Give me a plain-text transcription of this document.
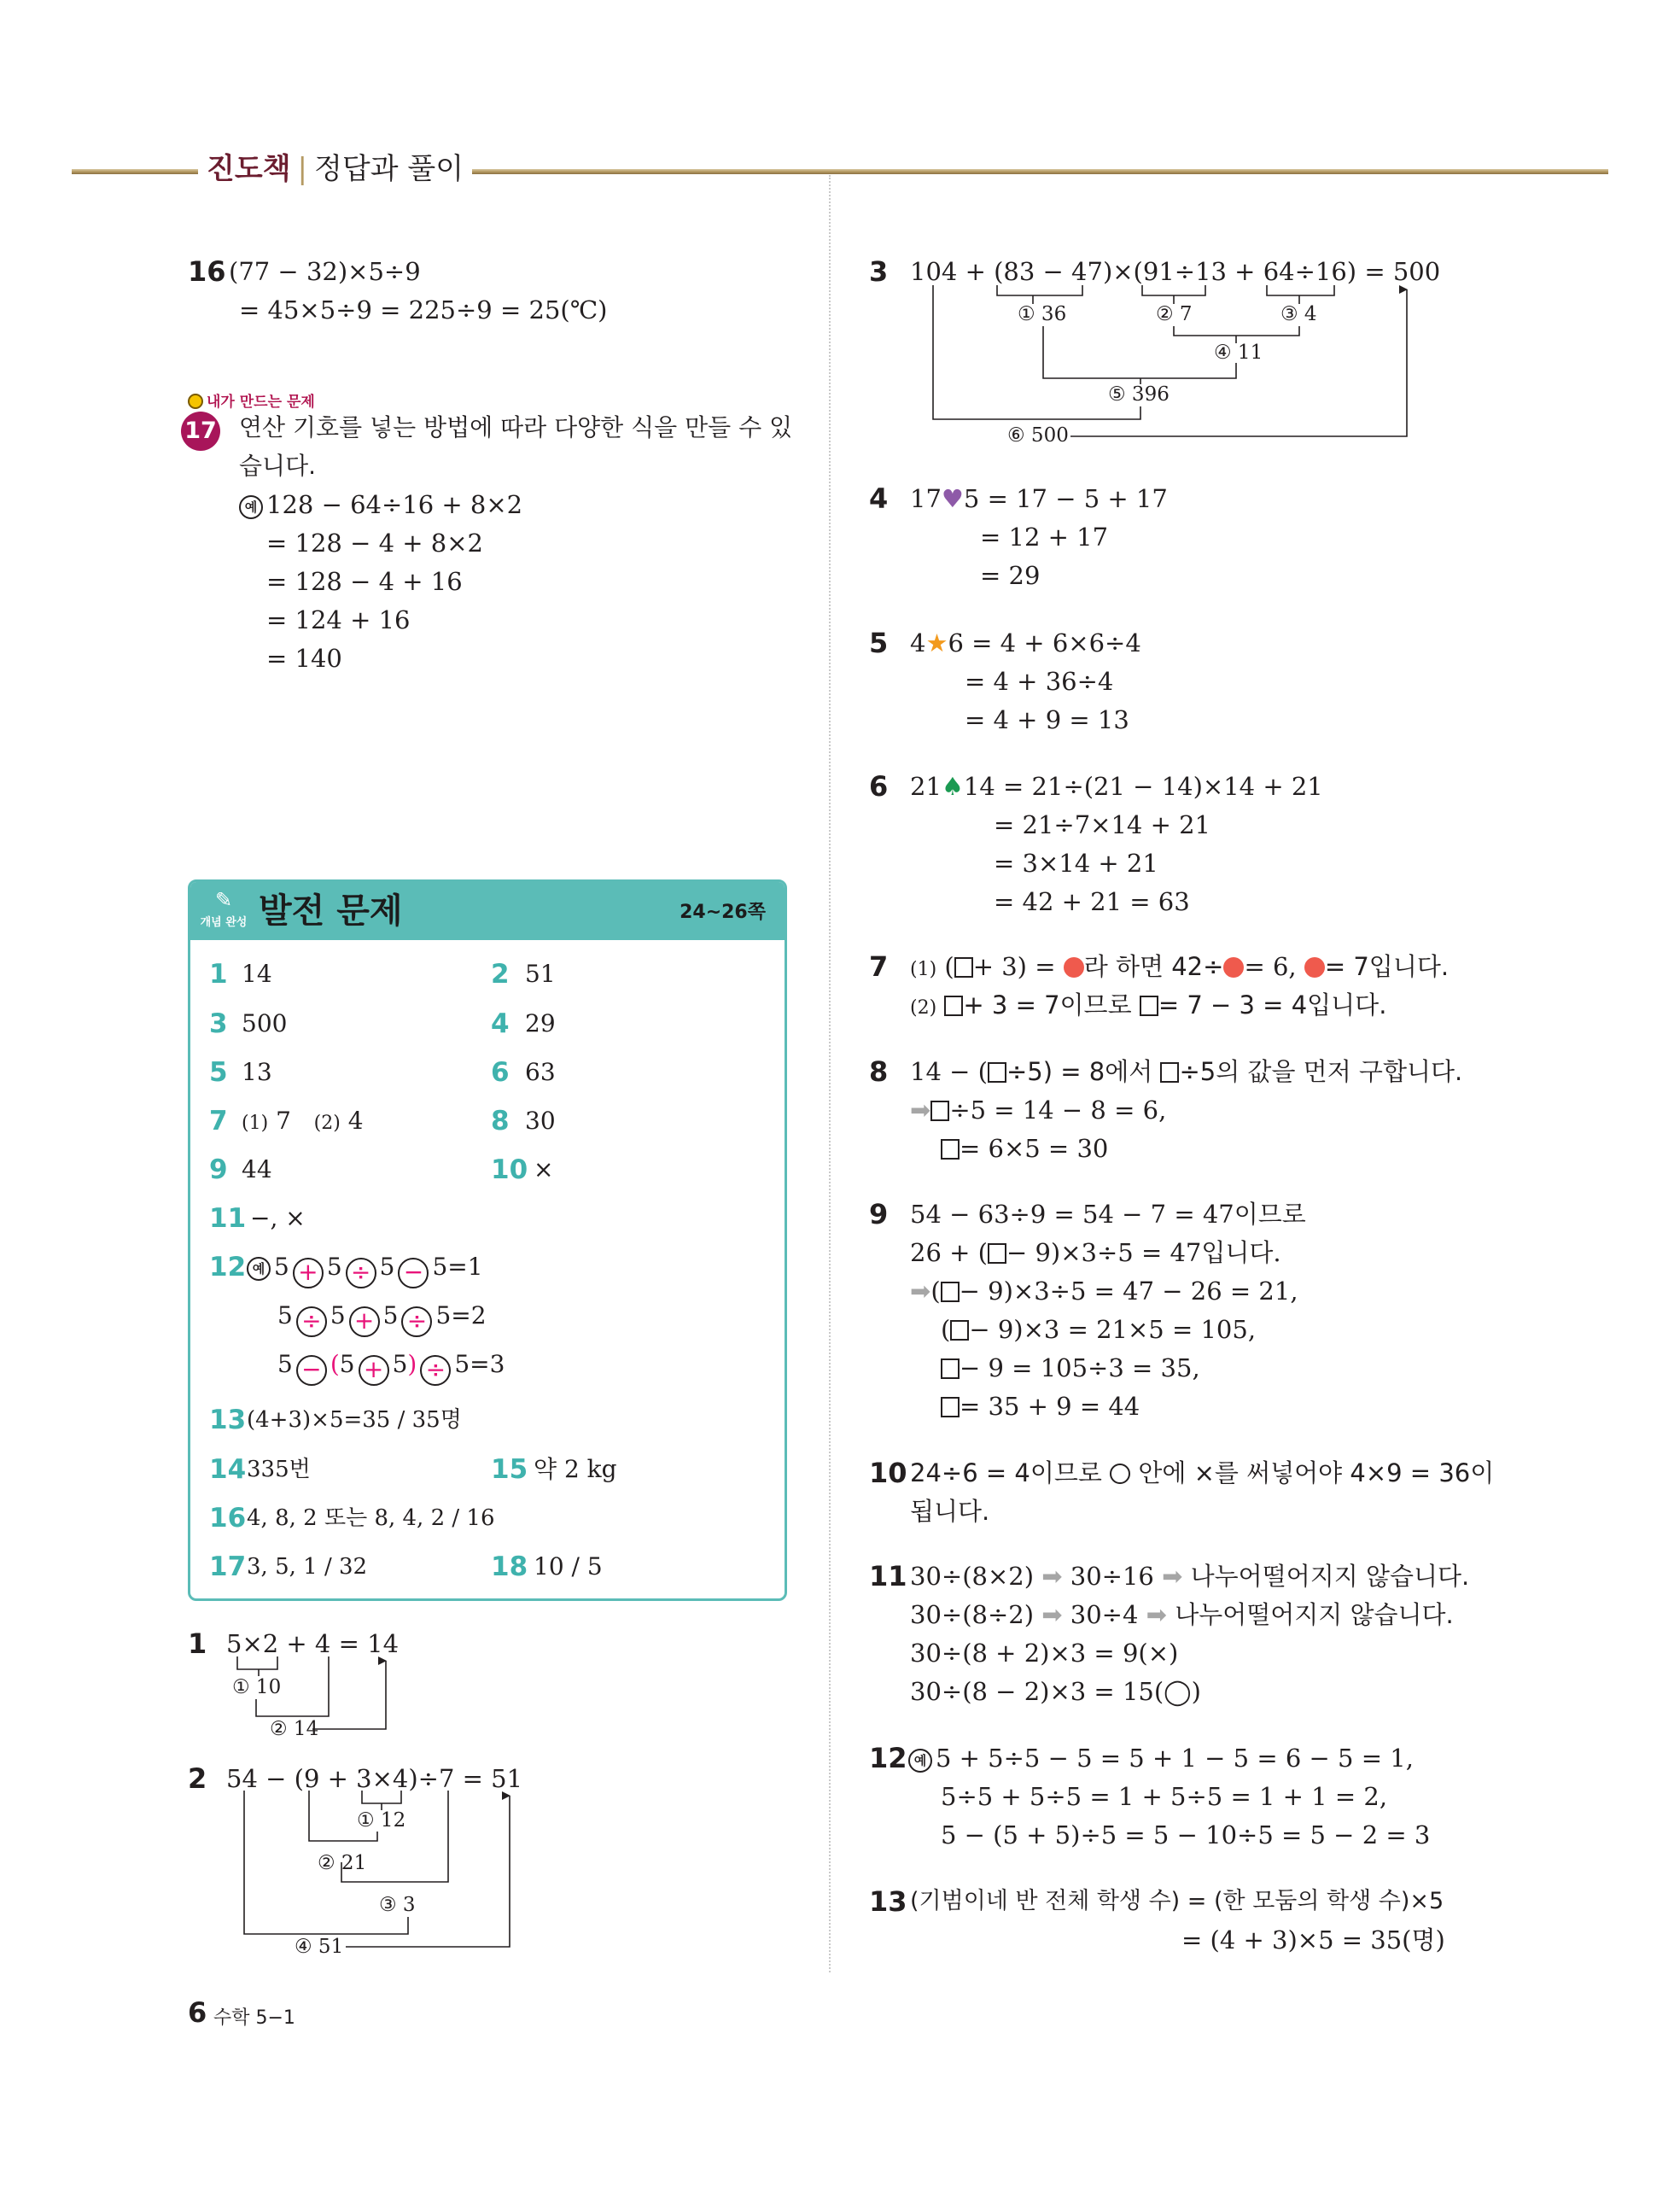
진도책 | 정답과 풀이
16 (77 − 32)×5÷9
= 45×5÷9 = 225÷9 = 25(℃)
내가 만드는 문제
17 연산 기호를 넣는 방법에 따라 다양한 식을 만들 수 있
습니다.
예 128 − 64÷16 + 8×2
= 128 − 4 + 8×2
= 128 − 4 + 16
= 124 + 16
= 140
✎
개념 완성 발전 문제	24~26쪽
1 14	2 51
3 500	4 29
5 13	6 63
7 (1) 7 (2) 4	8 30
9 44	10 ×
11 −, ×
12 예 5 + 5 ÷ 5 − 5=1
5 ÷ 5 + 5 ÷ 5=2
5 − (5 + 5) ÷ 5=3
13 (4+3)×5=35 / 35명
14 335번	15 약 2 kg
16 4, 8, 2 또는 8, 4, 2 / 16
17 3, 5, 1 / 32	18 10 / 5
1 5×2 + 4 = 14
① 10
② 14
2 54 − (9 + 3×4)÷7 = 51
① 12
② 21
③ 3
④ 51
3 104 + (83 − 47)×(91÷13 + 64÷16) = 500
① 36	② 7	③ 4
④ 11
⑤ 396
⑥ 500
4 17♥5 = 17 − 5 + 17
= 12 + 17
= 29
5 4★6 = 4 + 6×6÷4
= 4 + 36÷4
= 4 + 9 = 13
6 21♠14 = 21÷(21 − 14)×14 + 21
= 21÷7×14 + 21
= 3×14 + 21
= 42 + 21 = 63
7 (1) ( + 3) = 라 하면 42÷ = 6, = 7입니다.
(2) + 3 = 7이므로 = 7 − 3 = 4입니다.
8 14 − ( ÷5) = 8에서 ÷5의 값을 먼저 구합니다.
➡ ÷5 = 14 − 8 = 6,
= 6×5 = 30
9 54 − 63÷9 = 54 − 7 = 47이므로
26 + ( − 9)×3÷5 = 47입니다.
➡( − 9)×3÷5 = 47 − 26 = 21,
( − 9)×3 = 21×5 = 105,
− 9 = 105÷3 = 35,
= 35 + 9 = 44
10 24÷6 = 4이므로 안에 ×를 써넣어야 4×9 = 36이
됩니다.
11 30÷(8×2) ➡ 30÷16 ➡ 나누어떨어지지 않습니다.
30÷(8÷2) ➡ 30÷4 ➡ 나누어떨어지지 않습니다.
30÷(8 + 2)×3 = 9(×)
30÷(8 − 2)×3 = 15(◯)
12 예 5 + 5÷5 − 5 = 5 + 1 − 5 = 6 − 5 = 1,
5÷5 + 5÷5 = 1 + 5÷5 = 1 + 1 = 2,
5 − (5 + 5)÷5 = 5 − 10÷5 = 5 − 2 = 3
13 (기범이네 반 전체 학생 수) = (한 모둠의 학생 수)×5
= (4 + 3)×5 = 35(명)
6 수학 5−1
